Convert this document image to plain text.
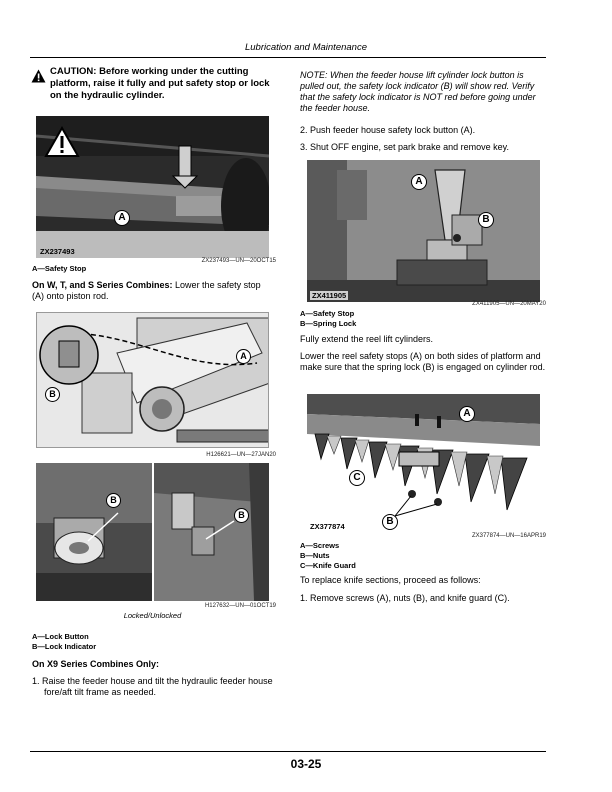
Lubrication and Maintenance
CAUTION: Before working under the cutting platform, raise it fully and put safety stop or lock on the hydraulic cylinder.
A
ZX237493
ZX237493—UN—20OCT15
A—Safety Stop
On W, T, and S Series Combines: Lower the safety stop (A) onto piston rod.
A
B
H126621—UN—27JAN20
B
B
H127632—UN—01OCT19
Locked/Unlocked
A—Lock Button
B—Lock Indicator
On X9 Series Combines Only:
1. Raise the feeder house and tilt the hydraulic feeder house fore/aft tilt frame as needed.
NOTE: When the feeder house lift cylinder lock button is pulled out, the safety lock indicator (B) will show red. Verify that the safety lock indicator is NOT red before going under the feeder house.
2. Push feeder house safety lock button (A).
3. Shut OFF engine, set park brake and remove key.
A
B
ZX411905
ZX411905—UN—20MAY20
A—Safety Stop
B—Spring Lock
Fully extend the reel lift cylinders.
Lower the reel safety stops (A) on both sides of platform and make sure that the spring lock (B) is engaged on cylinder rod.
A
C
B
ZX377874
ZX377874—UN—16APR19
A—Screws
B—Nuts
C—Knife Guard
To replace knife sections, proceed as follows:
1. Remove screws (A), nuts (B), and knife guard (C).
03-25
